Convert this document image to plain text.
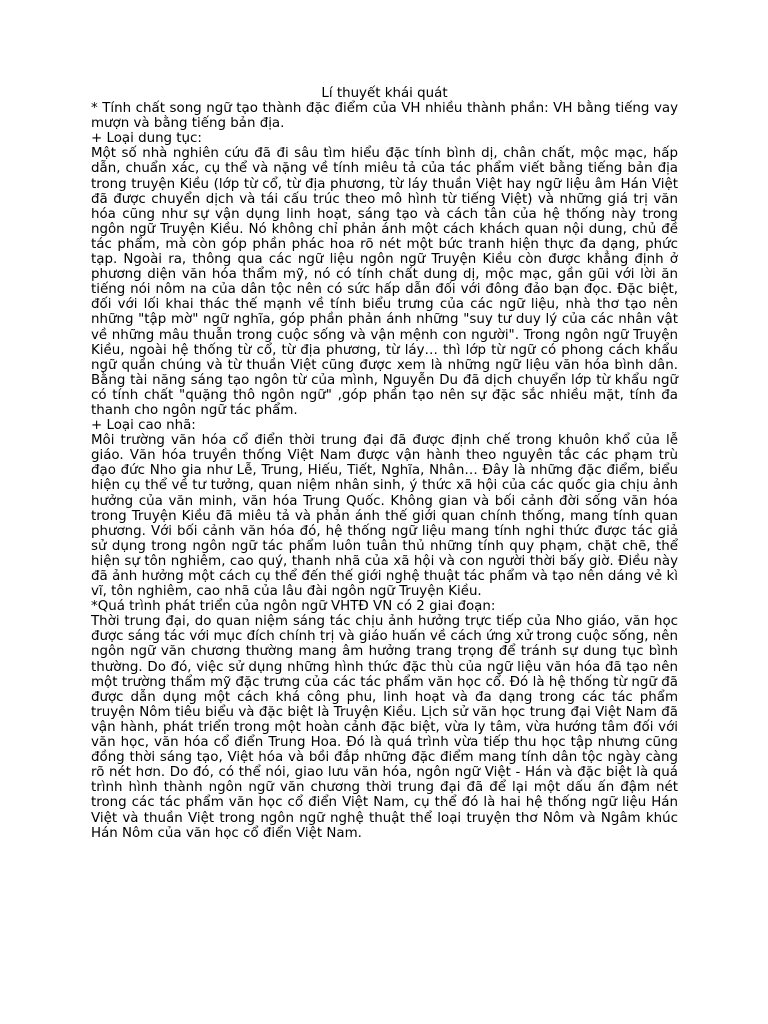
Lí thuyết khái quát

* Tính chất song ngữ tạo thành đặc điểm của VH nhiều thành phần: VH bằng tiếng vay mượn và bằng tiếng bản địa.

+ Loại dung tục:

Một số nhà nghiên cứu đã đi sâu tìm hiểu đặc tính bình dị, chân chất, mộc mạc, hấp dẫn, chuẩn xác, cụ thể và nặng về tính miêu tả của tác phẩm viết bằng tiếng bản địa trong truyện Kiều (lớp từ cổ, từ địa phương, từ láy thuần Việt hay ngữ liệu âm Hán Việt đã được chuyển dịch và tái cấu trúc theo mô hình từ tiếng Việt) và những giá trị văn hóa cũng như sự vận dụng linh hoạt, sáng tạo và cách tân của hệ thống này trong ngôn ngữ Truyện Kiều. Nó không chỉ phản ánh một cách khách quan nội dung, chủ đề tác phẩm, mà còn góp phần phác hoa rõ nét một bức tranh hiện thực đa dạng, phức tạp. Ngoài ra, thông qua các ngữ liệu ngôn ngữ Truyện Kiều còn được khẳng định ở phương diện văn hóa thẩm mỹ, nó có tính chất dung dị, mộc mạc, gần gũi với lời ăn tiếng nói nôm na của dân tộc nên có sức hấp dẫn đối với đông đảo bạn đọc. Đặc biệt, đối với lối khai thác thế mạnh về tính biểu trưng của các ngữ liệu, nhà thơ tạo nên những "tập mờ" ngữ nghĩa, góp phần phản ánh những "suy tư duy lý của các nhân vật về những mâu thuẫn trong cuộc sống và vận mệnh con người". Trong ngôn ngữ Truyện Kiều, ngoài hệ thống từ cổ, từ địa phương, từ láy… thì lớp từ ngữ có phong cách khẩu ngữ quần chúng và từ thuần Việt cũng được xem là những ngữ liệu văn hóa bình dân. Bằng tài năng sáng tạo ngôn từ của mình, Nguyễn Du đã dịch chuyển lớp từ khẩu ngữ có tính chất "quặng thô ngôn ngữ" ,góp phần tạo nên sự đặc sắc nhiều mặt, tính đa thanh cho ngôn ngữ tác phẩm.

+ Loại cao nhã:

Môi trường văn hóa cổ điển thời trung đại đã được định chế trong khuôn khổ của lễ giáo. Văn hóa truyền thống Việt Nam được vận hành theo nguyên tắc các phạm trù đạo đức Nho gia như Lễ, Trung, Hiếu, Tiết, Nghĩa, Nhân… Đây là những đặc điểm, biểu hiện cụ thể về tư tưởng, quan niệm nhân sinh, ý thức xã hội của các quốc gia chịu ảnh hưởng của văn minh, văn hóa Trung Quốc. Không gian và bối cảnh đời sống văn hóa trong Truyện Kiều đã miêu tả và phản ánh thế giới quan chính thống, mang tính quan phương. Với bối cảnh văn hóa đó, hệ thống ngữ liệu mang tính nghi thức được tác giả sử dụng trong ngôn ngữ tác phẩm luôn tuân thủ những tính quy phạm, chặt chẽ, thể hiện sự tôn nghiêm, cao quý, thanh nhã của xã hội và con người thời bấy giờ. Điều này đã ảnh hưởng một cách cụ thể đến thế giới nghệ thuật tác phẩm và tạo nên dáng vẻ kì vĩ, tôn nghiêm, cao nhã của lâu đài ngôn ngữ Truyện Kiều.

*Quá trình phát triển của ngôn ngữ VHTĐ VN có 2 giai đoạn:

Thời trung đại, do quan niệm sáng tác chịu ảnh hưởng trực tiếp của Nho giáo, văn học được sáng tác với mục đích chính trị và giáo huấn về cách ứng xử trong cuộc sống, nên ngôn ngữ văn chương thường mang âm hưởng trang trọng để tránh sự dung tục bình thường. Do đó, việc sử dụng những hình thức đặc thù của ngữ liệu văn hóa đã tạo nên một trường thẩm mỹ đặc trưng của các tác phẩm văn học cổ. Đó là hệ thống từ ngữ đã được dẫn dụng một cách khá công phu, linh hoạt và đa dạng trong các tác phẩm truyện Nôm tiêu biểu và đặc biệt là Truyện Kiều. Lịch sử văn học trung đại Việt Nam đã vận hành, phát triển trong một hoàn cảnh đặc biệt, vừa ly tâm, vừa hướng tâm đối với văn học, văn hóa cổ điển Trung Hoa. Đó là quá trình vừa tiếp thu học tập nhưng cũng đồng thời sáng tạo, Việt hóa và bồi đắp những đặc điểm mang tính dân tộc ngày càng rõ nét hơn. Do đó, có thể nói, giao lưu văn hóa, ngôn ngữ Việt - Hán và đặc biệt là quá trình hình thành ngôn ngữ văn chương thời trung đại đã để lại một dấu ấn đậm nét trong các tác phẩm văn học cổ điển Việt Nam, cụ thể đó là hai hệ thống ngữ liệu Hán Việt và thuần Việt trong ngôn ngữ nghệ thuật thể loại truyện thơ Nôm và Ngâm khúc Hán Nôm của văn học cổ điển Việt Nam.
